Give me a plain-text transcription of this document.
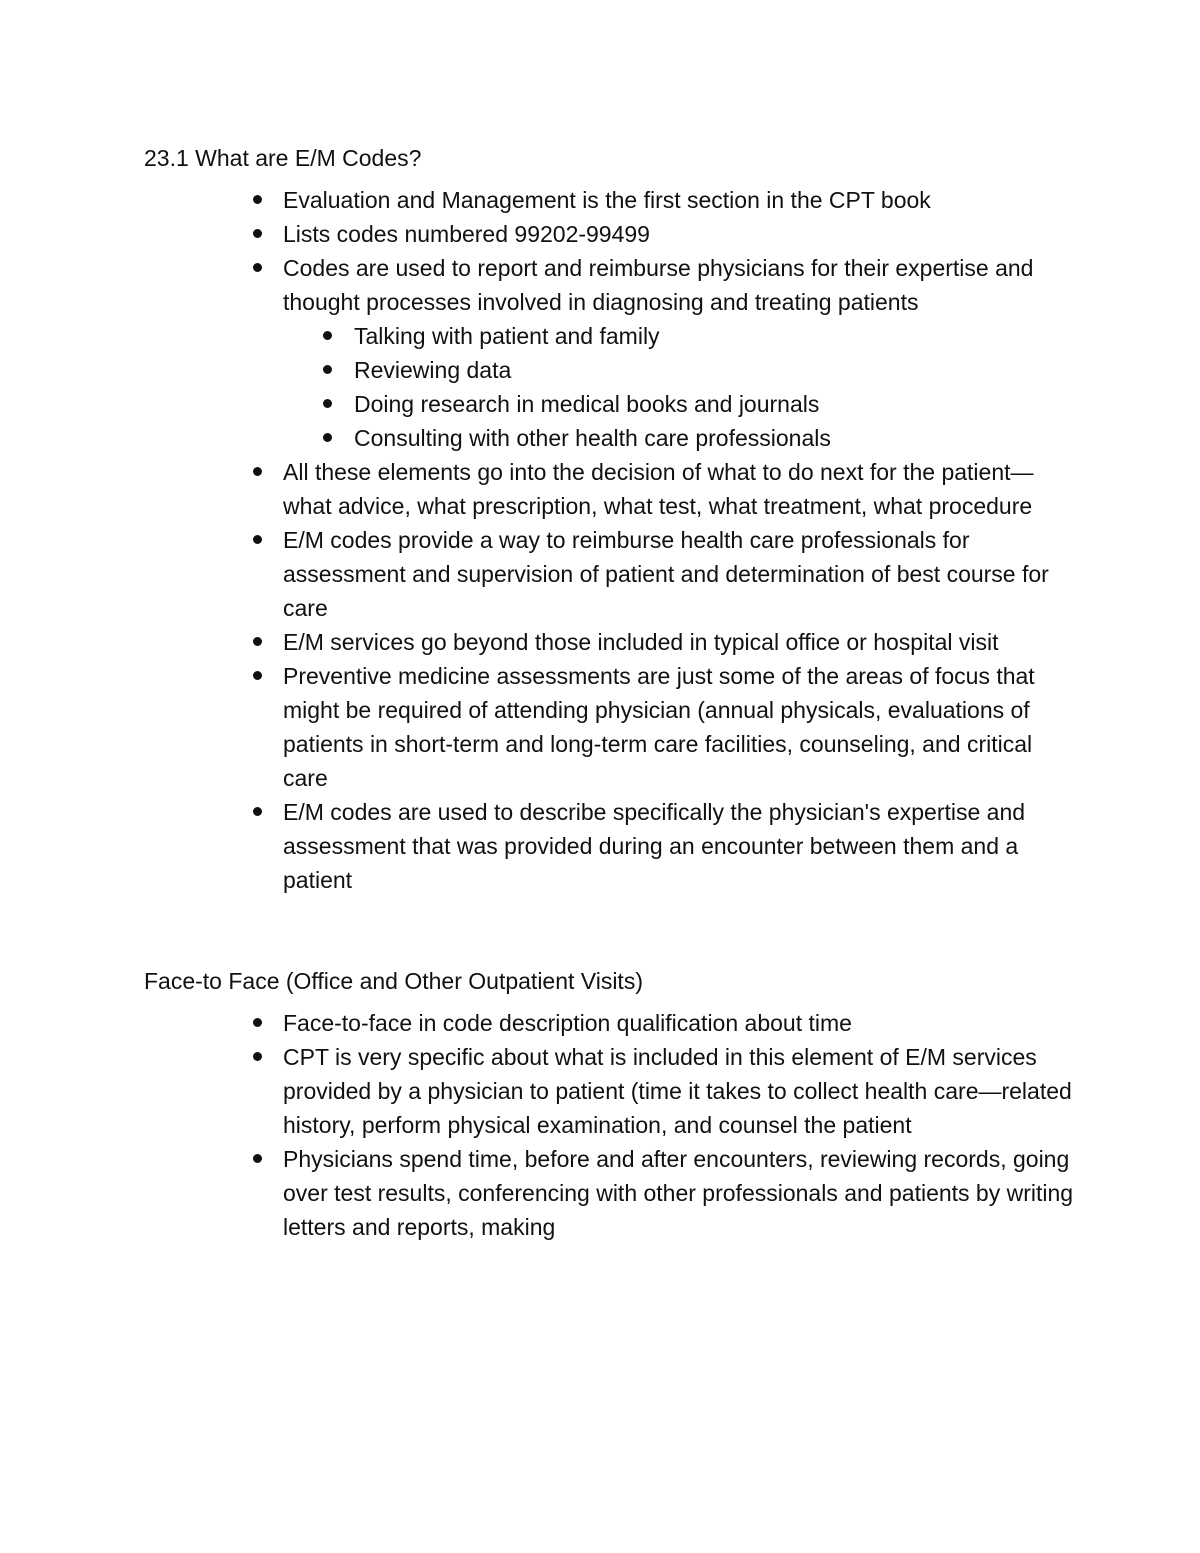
23.1 What are E/M Codes?
Evaluation and Management is the first section in the CPT book
Lists codes numbered 99202-99499
Codes are used to report and reimburse physicians for their expertise and thought processes involved in diagnosing and treating patients
Talking with patient and family
Reviewing data
Doing research in medical books and journals
Consulting with other health care professionals
All these elements go into the decision of what to do next for the patient—what advice, what prescription, what test, what treatment, what procedure
E/M codes provide a way to reimburse health care professionals for assessment and supervision of patient and determination of best course for care
E/M services go beyond those included in typical office or hospital visit
Preventive medicine assessments are just some of the areas of focus that might be required of attending physician (annual physicals, evaluations of patients in short-term and long-term care facilities, counseling, and critical care
E/M codes are used to describe specifically the physician's expertise and assessment that was provided during an encounter between them and a patient
Face-to Face (Office and Other Outpatient Visits)
Face-to-face in code description qualification about time
CPT is very specific about what is included in this element of E/M services provided by a physician to patient (time it takes to collect health care—related history, perform physical examination, and counsel the patient
Physicians spend time, before and after encounters, reviewing records, going over test results, conferencing with other professionals and patients by writing letters and reports, making
